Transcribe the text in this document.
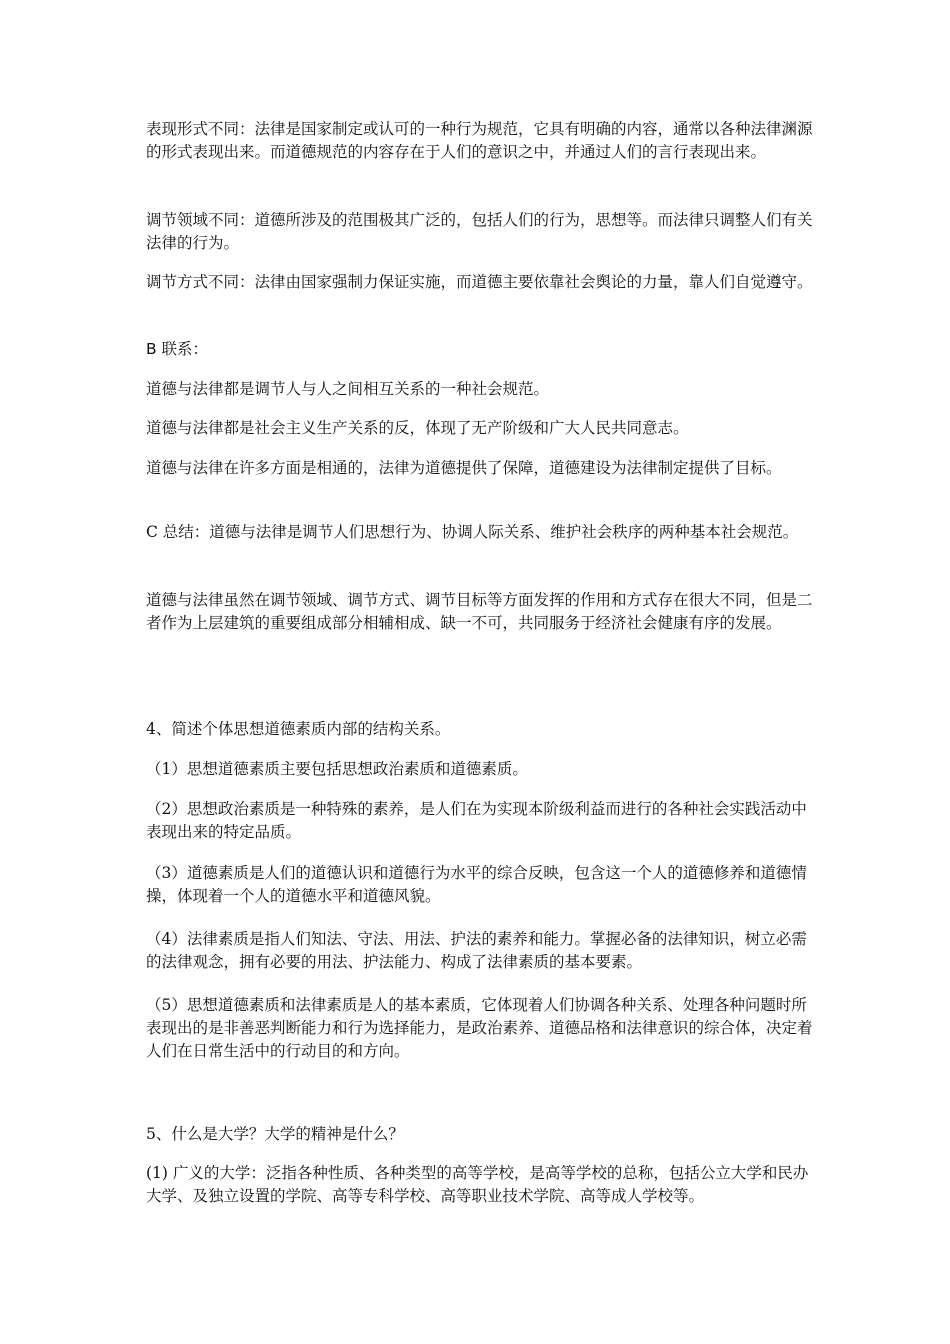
表现形式不同：法律是国家制定或认可的一种行为规范，它具有明确的内容，通常以各种法律渊源的形式表现出来。而道德规范的内容存在于人们的意识之中，并通过人们的言行表现出来。

调节领域不同：道德所涉及的范围极其广泛的，包括人们的行为，思想等。而法律只调整人们有关法律的行为。

调节方式不同：法律由国家强制力保证实施，而道德主要依靠社会舆论的力量，靠人们自觉遵守。

B 联系：

道德与法律都是调节人与人之间相互关系的一种社会规范。

道德与法律都是社会主义生产关系的反，体现了无产阶级和广大人民共同意志。

道德与法律在许多方面是相通的，法律为道德提供了保障，道德建设为法律制定提供了目标。

C 总结：道德与法律是调节人们思想行为、协调人际关系、维护社会秩序的两种基本社会规范。

道德与法律虽然在调节领域、调节方式、调节目标等方面发挥的作用和方式存在很大不同，但是二者作为上层建筑的重要组成部分相辅相成、缺一不可，共同服务于经济社会健康有序的发展。

4、简述个体思想道德素质内部的结构关系。

（1）思想道德素质主要包括思想政治素质和道德素质。

（2）思想政治素质是一种特殊的素养，是人们在为实现本阶级利益而进行的各种社会实践活动中表现出来的特定品质。

（3）道德素质是人们的道德认识和道德行为水平的综合反映，包含这一个人的道德修养和道德情操，体现着一个人的道德水平和道德风貌。

（4）法律素质是指人们知法、守法、用法、护法的素养和能力。掌握必备的法律知识，树立必需的法律观念，拥有必要的用法、护法能力、构成了法律素质的基本要素。

（5）思想道德素质和法律素质是人的基本素质，它体现着人们协调各种关系、处理各种问题时所表现出的是非善恶判断能力和行为选择能力，是政治素养、道德品格和法律意识的综合体，决定着人们在日常生活中的行动目的和方向。

5、什么是大学？大学的精神是什么？

(1) 广义的大学：泛指各种性质、各种类型的高等学校，是高等学校的总称，包括公立大学和民办大学、及独立设置的学院、高等专科学校、高等职业技术学院、高等成人学校等。
